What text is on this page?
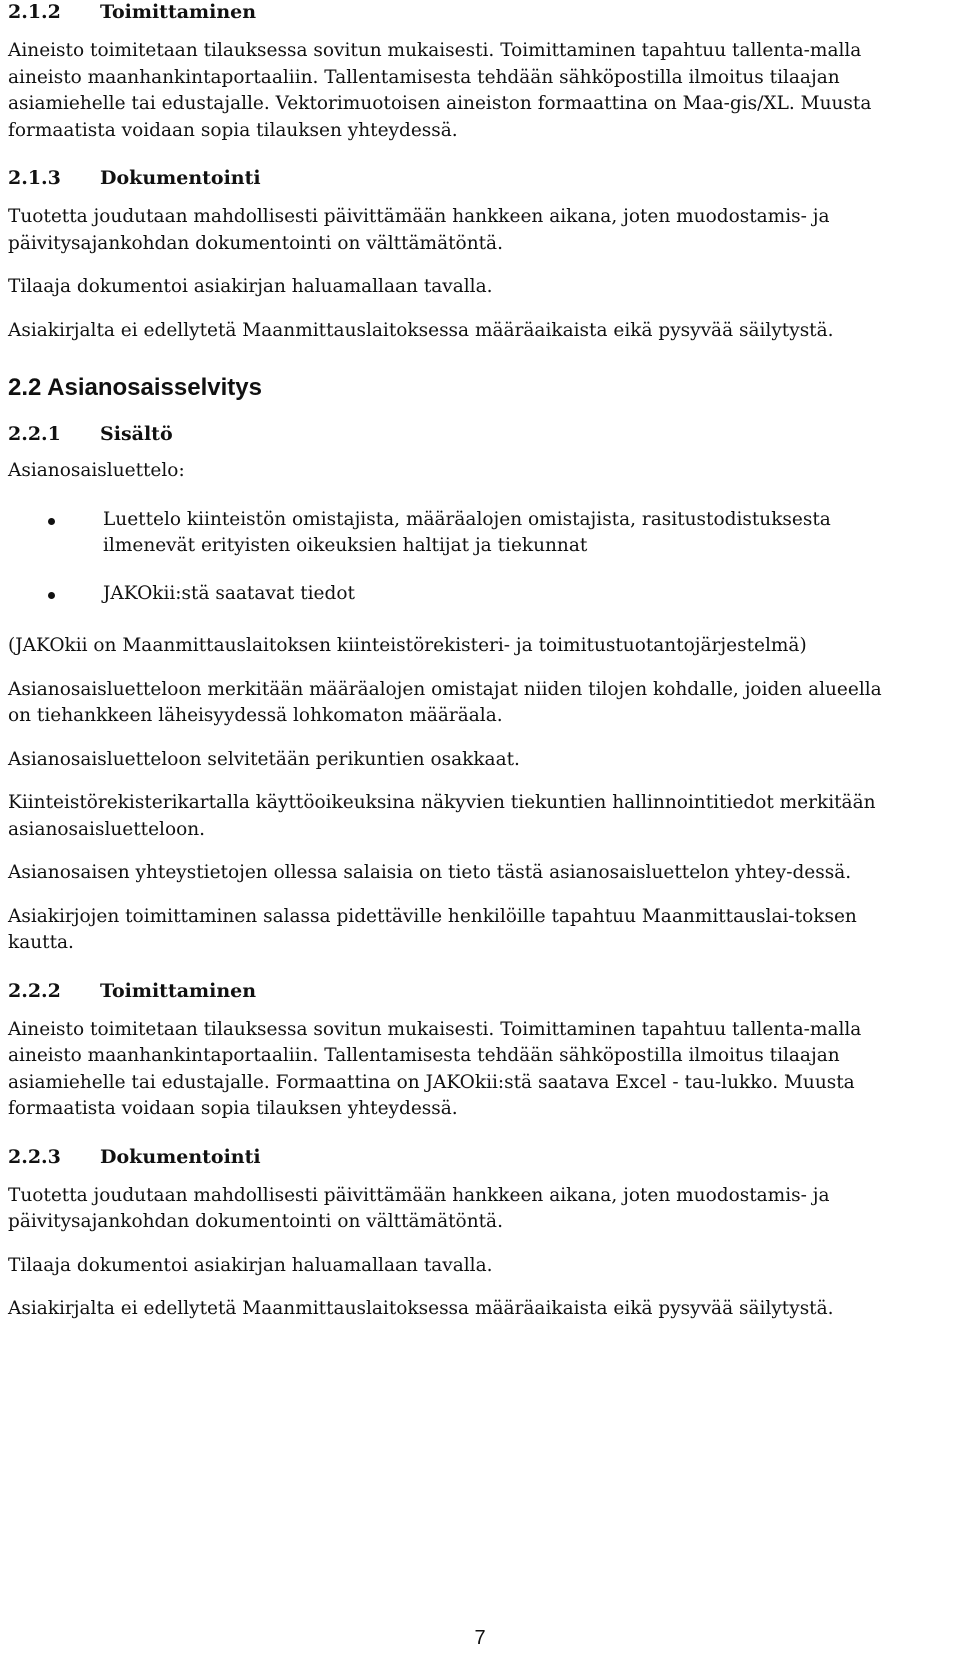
2.1.2	Toimittaminen

Aineisto toimitetaan tilauksessa sovitun mukaisesti. Toimittaminen tapahtuu tallenta-malla aineisto maanhankintaportaaliin. Tallentamisesta tehdään sähköpostilla ilmoitus tilaajan asiamiehelle tai edustajalle. Vektorimuotoisen aineiston formaattina on Maa-gis/XL. Muusta formaatista voidaan sopia tilauksen yhteydessä.

2.1.3	Dokumentointi

Tuotetta joudutaan mahdollisesti päivittämään hankkeen aikana, joten muodostamis- ja päivitysajankohdan dokumentointi on välttämätöntä.

Tilaaja dokumentoi asiakirjan haluamallaan tavalla.

Asiakirjalta ei edellytetä Maanmittauslaitoksessa määräaikaista eikä pysyvää säilytystä.

2.2 Asianosaisselvitys
2.2.1	Sisältö

Asianosaisluettelo:

Luettelo kiinteistön omistajista, määräalojen omistajista, rasitustodistuksesta ilmenevät erityisten oikeuksien haltijat ja tiekunnat
JAKOkii:stä saatavat tiedot

(JAKOkii on Maanmittauslaitoksen kiinteistörekisteri- ja toimitustuotantojärjestelmä)

Asianosaisluetteloon merkitään määräalojen omistajat niiden tilojen kohdalle, joiden alueella on tiehankkeen läheisyydessä lohkomaton määräala.

Asianosaisluetteloon selvitetään perikuntien osakkaat.

Kiinteistörekisterikartalla käyttöoikeuksina näkyvien tiekuntien hallinnointitiedot merkitään asianosaisluetteloon.

Asianosaisen yhteystietojen ollessa salaisia on tieto tästä asianosaisluettelon yhtey-dessä.

Asiakirjojen toimittaminen salassa pidettäville henkilöille tapahtuu Maanmittauslai-toksen kautta.

2.2.2	Toimittaminen

Aineisto toimitetaan tilauksessa sovitun mukaisesti. Toimittaminen tapahtuu tallenta-malla aineisto maanhankintaportaaliin. Tallentamisesta tehdään sähköpostilla ilmoitus tilaajan asiamiehelle tai edustajalle. Formaattina on JAKOkii:stä saatava Excel - tau-lukko. Muusta formaatista voidaan sopia tilauksen yhteydessä.

2.2.3	Dokumentointi

Tuotetta joudutaan mahdollisesti päivittämään hankkeen aikana, joten muodostamis- ja päivitysajankohdan dokumentointi on välttämätöntä.

Tilaaja dokumentoi asiakirjan haluamallaan tavalla.

Asiakirjalta ei edellytetä Maanmittauslaitoksessa määräaikaista eikä pysyvää säilytystä.

7
